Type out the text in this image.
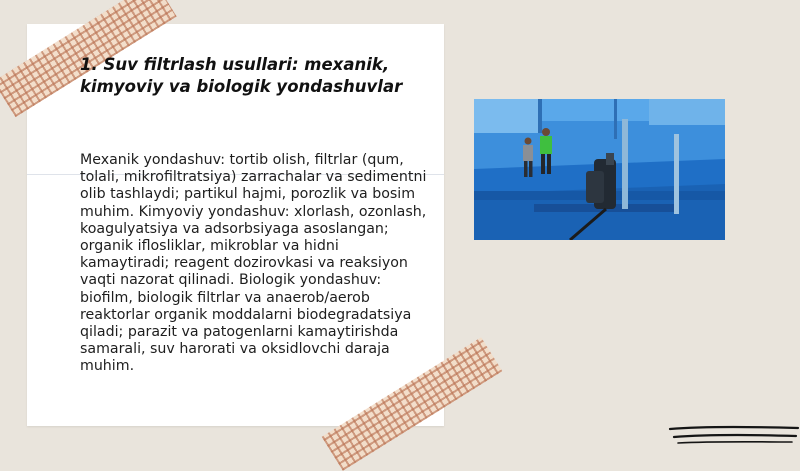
1. Suv filtrlash usullari: mexanik, kimyoviy va biologik yondashuvlar

Mexanik yondashuv: tortib olish, filtrlar (qum, tolali, mikrofiltratsiya) zarrachalar va sedimentni olib tashlaydi; partikul hajmi, porozlik va bosim muhim. Kimyoviy yondashuv: xlorlash, ozonlash, koagulyatsiya va adsorbsiyaga asoslangan; organik iflosliklar, mikroblar va hidni kamaytiradi; reagent dozirovkasi va reaksiyon vaqti nazorat qilinadi. Biologik yondashuv: biofilm, biologik filtrlar va anaerob/aerob reaktorlar organik moddalarni biodegradatsiya qiladi; parazit va patogenlarni kamaytirishda samarali, suv harorati va oksidlovchi daraja muhim.
